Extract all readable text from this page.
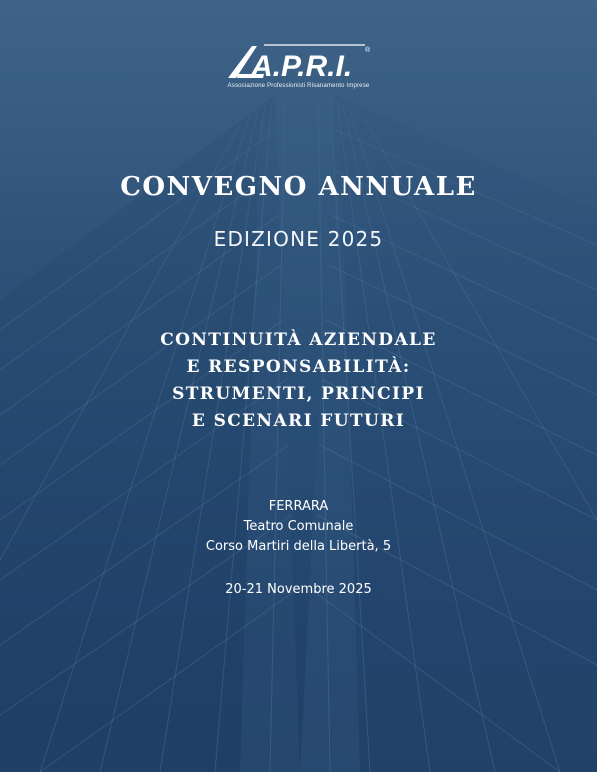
A.P.R.I. ®
Associazione Professionisti Risanamento Imprese
CONVEGNO ANNUALE
EDIZIONE 2025
CONTINUITÀ AZIENDALE
E RESPONSABILITÀ:
STRUMENTI, PRINCIPI
E SCENARI FUTURI
FERRARA
Teatro Comunale
Corso Martiri della Libertà, 5
20-21 Novembre 2025
